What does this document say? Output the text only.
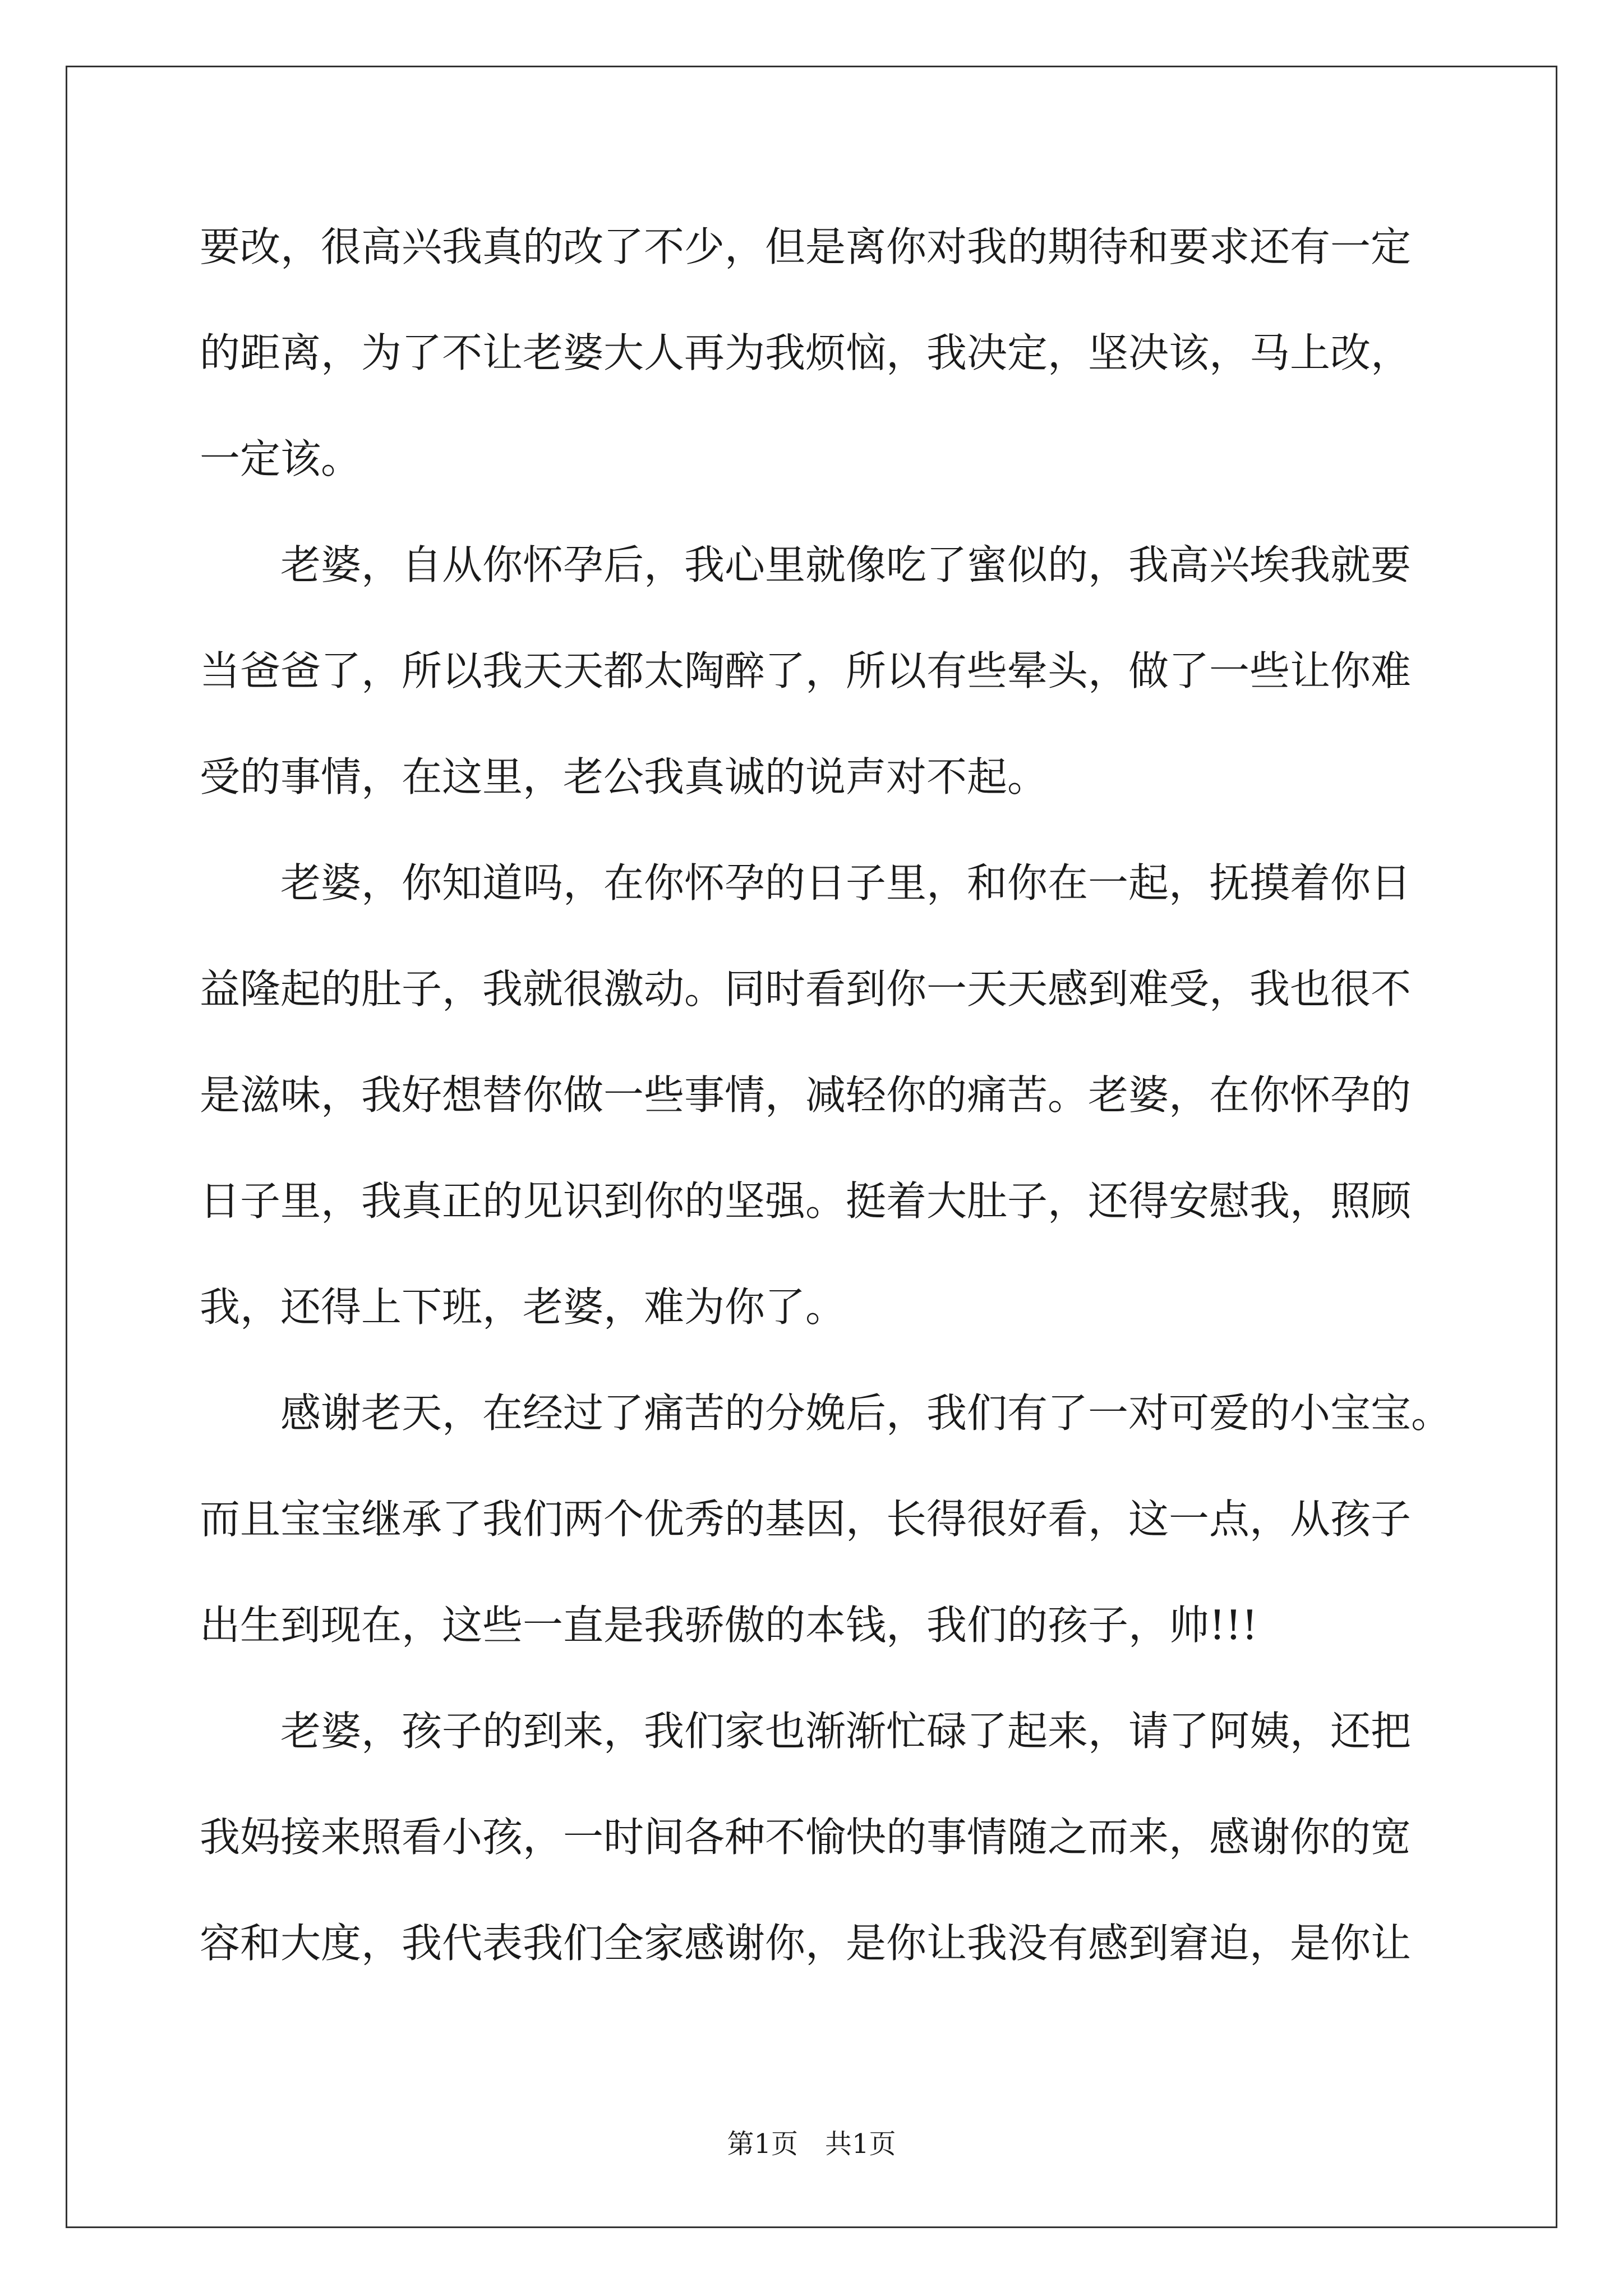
要改，很高兴我真的改了不少，但是离你对我的期待和要求还有一定
的距离，为了不让老婆大人再为我烦恼，我决定，坚决该，马上改，
一定该。
老婆，自从你怀孕后，我心里就像吃了蜜似的，我高兴埃我就要
当爸爸了，所以我天天都太陶醉了，所以有些晕头，做了一些让你难
受的事情，在这里，老公我真诚的说声对不起。
老婆，你知道吗，在你怀孕的日子里，和你在一起，抚摸着你日
益隆起的肚子，我就很激动。同时看到你一天天感到难受，我也很不
是滋味，我好想替你做一些事情，减轻你的痛苦。老婆，在你怀孕的
日子里，我真正的见识到你的坚强。挺着大肚子，还得安慰我，照顾
我，还得上下班，老婆，难为你了。
感谢老天，在经过了痛苦的分娩后，我们有了一对可爱的小宝宝。
而且宝宝继承了我们两个优秀的基因，长得很好看，这一点，从孩子
出生到现在，这些一直是我骄傲的本钱，我们的孩子，帅!!!
老婆，孩子的到来，我们家也渐渐忙碌了起来，请了阿姨，还把
我妈接来照看小孩，一时间各种不愉快的事情随之而来，感谢你的宽
容和大度，我代表我们全家感谢你，是你让我没有感到窘迫，是你让
第1页　共1页
